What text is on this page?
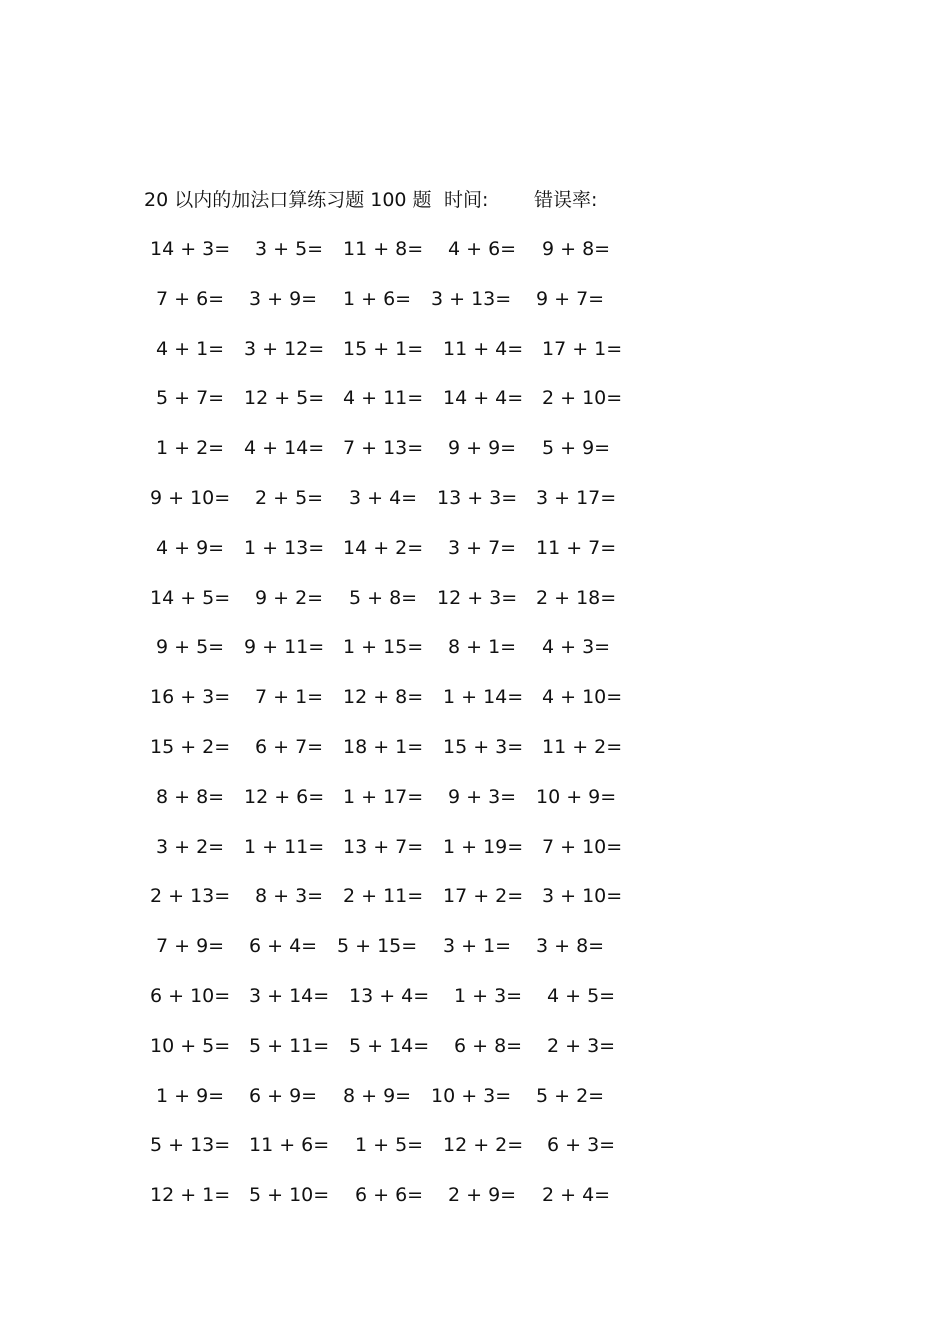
20 以内的加法口算练习题 100 题 时间: 错误率:
14 + 3= 3 + 5= 11 + 8= 4 + 6= 9 + 8=
7 + 6= 3 + 9= 1 + 6= 3 + 13= 9 + 7=
4 + 1= 3 + 12= 15 + 1= 11 + 4= 17 + 1=
5 + 7= 12 + 5= 4 + 11= 14 + 4= 2 + 10=
1 + 2= 4 + 14= 7 + 13= 9 + 9= 5 + 9=
9 + 10= 2 + 5= 3 + 4= 13 + 3= 3 + 17=
4 + 9= 1 + 13= 14 + 2= 3 + 7= 11 + 7=
14 + 5= 9 + 2= 5 + 8= 12 + 3= 2 + 18=
9 + 5= 9 + 11= 1 + 15= 8 + 1= 4 + 3=
16 + 3= 7 + 1= 12 + 8= 1 + 14= 4 + 10=
15 + 2= 6 + 7= 18 + 1= 15 + 3= 11 + 2=
8 + 8= 12 + 6= 1 + 17= 9 + 3= 10 + 9=
3 + 2= 1 + 11= 13 + 7= 1 + 19= 7 + 10=
2 + 13= 8 + 3= 2 + 11= 17 + 2= 3 + 10=
7 + 9= 6 + 4= 5 + 15= 3 + 1= 3 + 8=
6 + 10= 3 + 14= 13 + 4= 1 + 3= 4 + 5=
10 + 5= 5 + 11= 5 + 14= 6 + 8= 2 + 3=
1 + 9= 6 + 9= 8 + 9= 10 + 3= 5 + 2=
5 + 13= 11 + 6= 1 + 5= 12 + 2= 6 + 3=
12 + 1= 5 + 10= 6 + 6= 2 + 9= 2 + 4=
